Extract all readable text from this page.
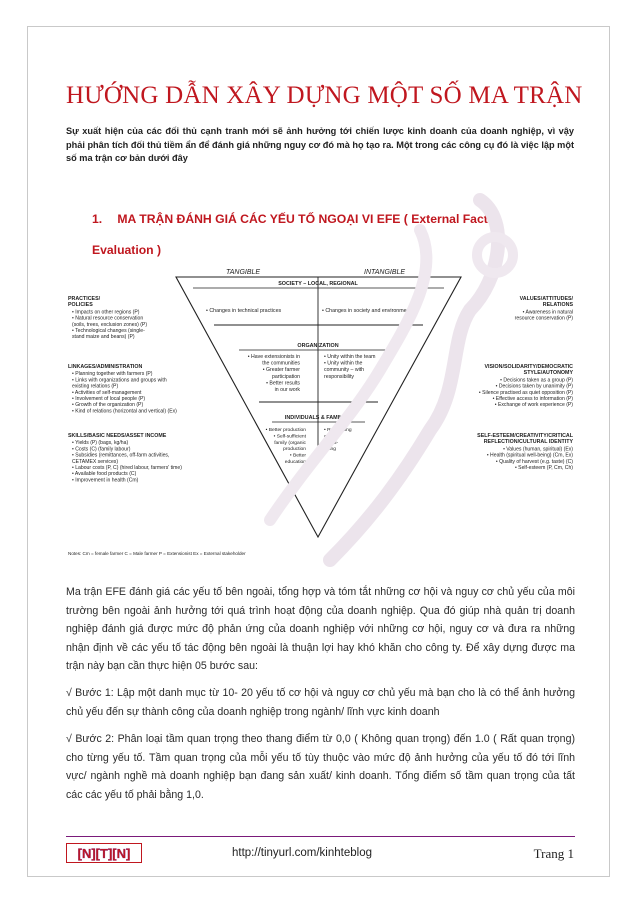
HƯỚNG DẪN XÂY DỰNG MỘT SỐ MA TRẬN

Sự xuất hiện của các đối thủ cạnh tranh mới sẽ ảnh hưởng tới chiến lược kinh doanh của doanh nghiệp, vì vậy phải phân tích đối thủ tiềm ẩn để đánh giá những nguy cơ đó mà họ tạo ra. Một trong các công cụ đó là việc lập một số ma trận cơ bản dưới đây

1. MA TRẬN ĐÁNH GIÁ CÁC YẾU TỐ NGOẠI VI EFE ( External Factor
Evaluation )
TANGIBLE	INTANGIBLE
SOCIETY – LOCAL, REGIONAL
• Changes in technical practices	• Changes in society and environment
ORGANIZATION
• Have extensionists in
the communities
• Greater farmer
participation
• Better results
in our work
• Unity within the team
• Unity within the
community – with
responsibility
INDIVIDUALS & FAMILIES
• Better production
• Self-sufficient
family (organic
production
• Better
education
• Respecting
others
• Well-
being
PRACTICES/
POLICIES
• Impacts on other regions (P)
• Natural resource conservation
(soils, trees, exclusion zones) (P)
• Technological changes (single-
stand maize and beans) (P)
LINKAGES/ADMINISTRATION
• Planning together with farmers (P)
• Links with organizations and groups with
existing relations (P)
• Activities of self-management
• Involvement of local people (P)
• Growth of the organization (P)
• Kind of relations (horizontal and vertical) (Ex)
SKILLS/BASIC NEEDS/ASSET INCOME
• Yields (P) (bags, kg/ha)
• Costs (C) (family labour)
• Subsidies (remittances, off-farm activities,
CETAMEX services)
• Labour costs (P, C) (hired labour, farmers' time)
• Available food products (C)
• Improvement in health (Cm)
VALUES/ATTITUDES/
RELATIONS
• Awareness in natural
resource conservation (P)
VISION/SOLIDARITY/DEMOCRATIC
STYLE/AUTONOMY
• Decisions taken as a group (P)
• Decisions taken by unanimity (P)
• Silence practised as quiet opposition (P)
• Effective access to information (P)
• Exchange of work experience (P)
SELF-ESTEEM/CREATIVITY/CRITICAL
REFLECTION/CULTURAL IDENTITY
• Values (human, spiritual) (Ex)
• Health (spiritual well-being) (Cm, Ex)
• Quality of harvest (e.g. taste) (C)
• Self-esteem (P, Cm, Ch)
Notes: Cm = female farmer C = Male farmer P = Extensionist Ex = External stakeholder

Ma trận EFE đánh giá các yếu tố bên ngoài, tổng hợp và tóm tắt những cơ hội và nguy cơ chủ yếu của môi trường bên ngoài ảnh hưởng tới quá trình hoạt động của doanh nghiệp. Qua đó giúp nhà quản trị doanh nghiệp đánh giá được mức độ phản ứng của doanh nghiệp với những cơ hội, nguy cơ và đưa ra những nhận định về các yếu tố tác động bên ngoài là thuận lợi hay khó khăn cho công ty. Để xây dựng được ma trận này bạn cần thực hiện 05 bước sau:

√ Bước 1: Lập một danh mục từ 10- 20 yếu tố cơ hội và nguy cơ chủ yếu mà bạn cho là có thể ảnh hưởng chủ yếu đến sự thành công của doanh nghiệp trong ngành/ lĩnh vực kinh doanh

√ Bước 2: Phân loại tầm quan trọng theo thang điểm từ 0,0 ( Không quan trọng) đến 1.0 ( Rất quan trọng) cho từng yếu tố. Tầm quan trọng của mỗi yếu tố tùy thuộc vào mức độ ảnh hưởng của yếu tố đó tới lĩnh vực/ ngành nghề mà doanh nghiệp bạn đang sản xuất/ kinh doanh. Tổng điểm số tầm quan trọng của tất các các yếu tố phải bằng 1,0.

[N][T][N]	http://tinyurl.com/kinhteblog	Trang 1
